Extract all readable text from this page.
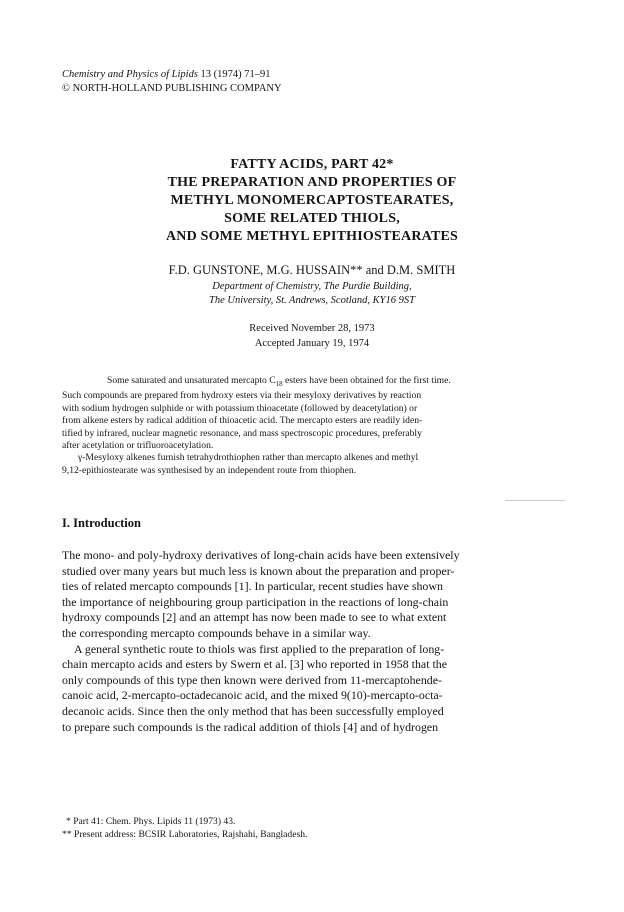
Chemistry and Physics of Lipids 13 (1974) 71–91
© NORTH-HOLLAND PUBLISHING COMPANY
FATTY ACIDS, PART 42*
THE PREPARATION AND PROPERTIES OF
METHYL MONOMERCAPTOSTEARATES,
SOME RELATED THIOLS,
AND SOME METHYL EPITHIOSTEARATES
F.D. GUNSTONE, M.G. HUSSAIN** and D.M. SMITH
Department of Chemistry, The Purdie Building,
The University, St. Andrews, Scotland, KY16 9ST
Received November 28, 1973
Accepted January 19, 1974
Some saturated and unsaturated mercapto $C_{18}$ esters have been obtained for the first time.
Such compounds are prepared from hydroxy esters via their mesyloxy derivatives by reaction
with sodium hydrogen sulphide or with potassium thioacetate (followed by deacetylation) or
from alkene esters by radical addition of thioacetic acid. The mercapto esters are readily iden-
tified by infrared, nuclear magnetic resonance, and mass spectroscopic procedures, preferably
after acetylation or trifluoroacetylation.
γ-Mesyloxy alkenes furnish tetrahydrothiophen rather than mercapto alkenes and methyl
9,12-epithiostearate was synthesised by an independent route from thiophen.
I. Introduction
The mono- and poly-hydroxy derivatives of long-chain acids have been extensively
studied over many years but much less is known about the preparation and proper-
ties of related mercapto compounds [1]. In particular, recent studies have shown
the importance of neighbouring group participation in the reactions of long-chain
hydroxy compounds [2] and an attempt has now been made to see to what extent
the corresponding mercapto compounds behave in a similar way.
A general synthetic route to thiols was first applied to the preparation of long-
chain mercapto acids and esters by Swern et al. [3] who reported in 1958 that the
only compounds of this type then known were derived from 11-mercaptohende-
canoic acid, 2-mercapto-octadecanoic acid, and the mixed 9(10)-mercapto-octa-
decanoic acids. Since then the only method that has been successfully employed
to prepare such compounds is the radical addition of thiols [4] and of hydrogen
* Part 41: Chem. Phys. Lipids 11 (1973) 43.
** Present address: BCSIR Laboratories, Rajshahi, Bangladesh.
